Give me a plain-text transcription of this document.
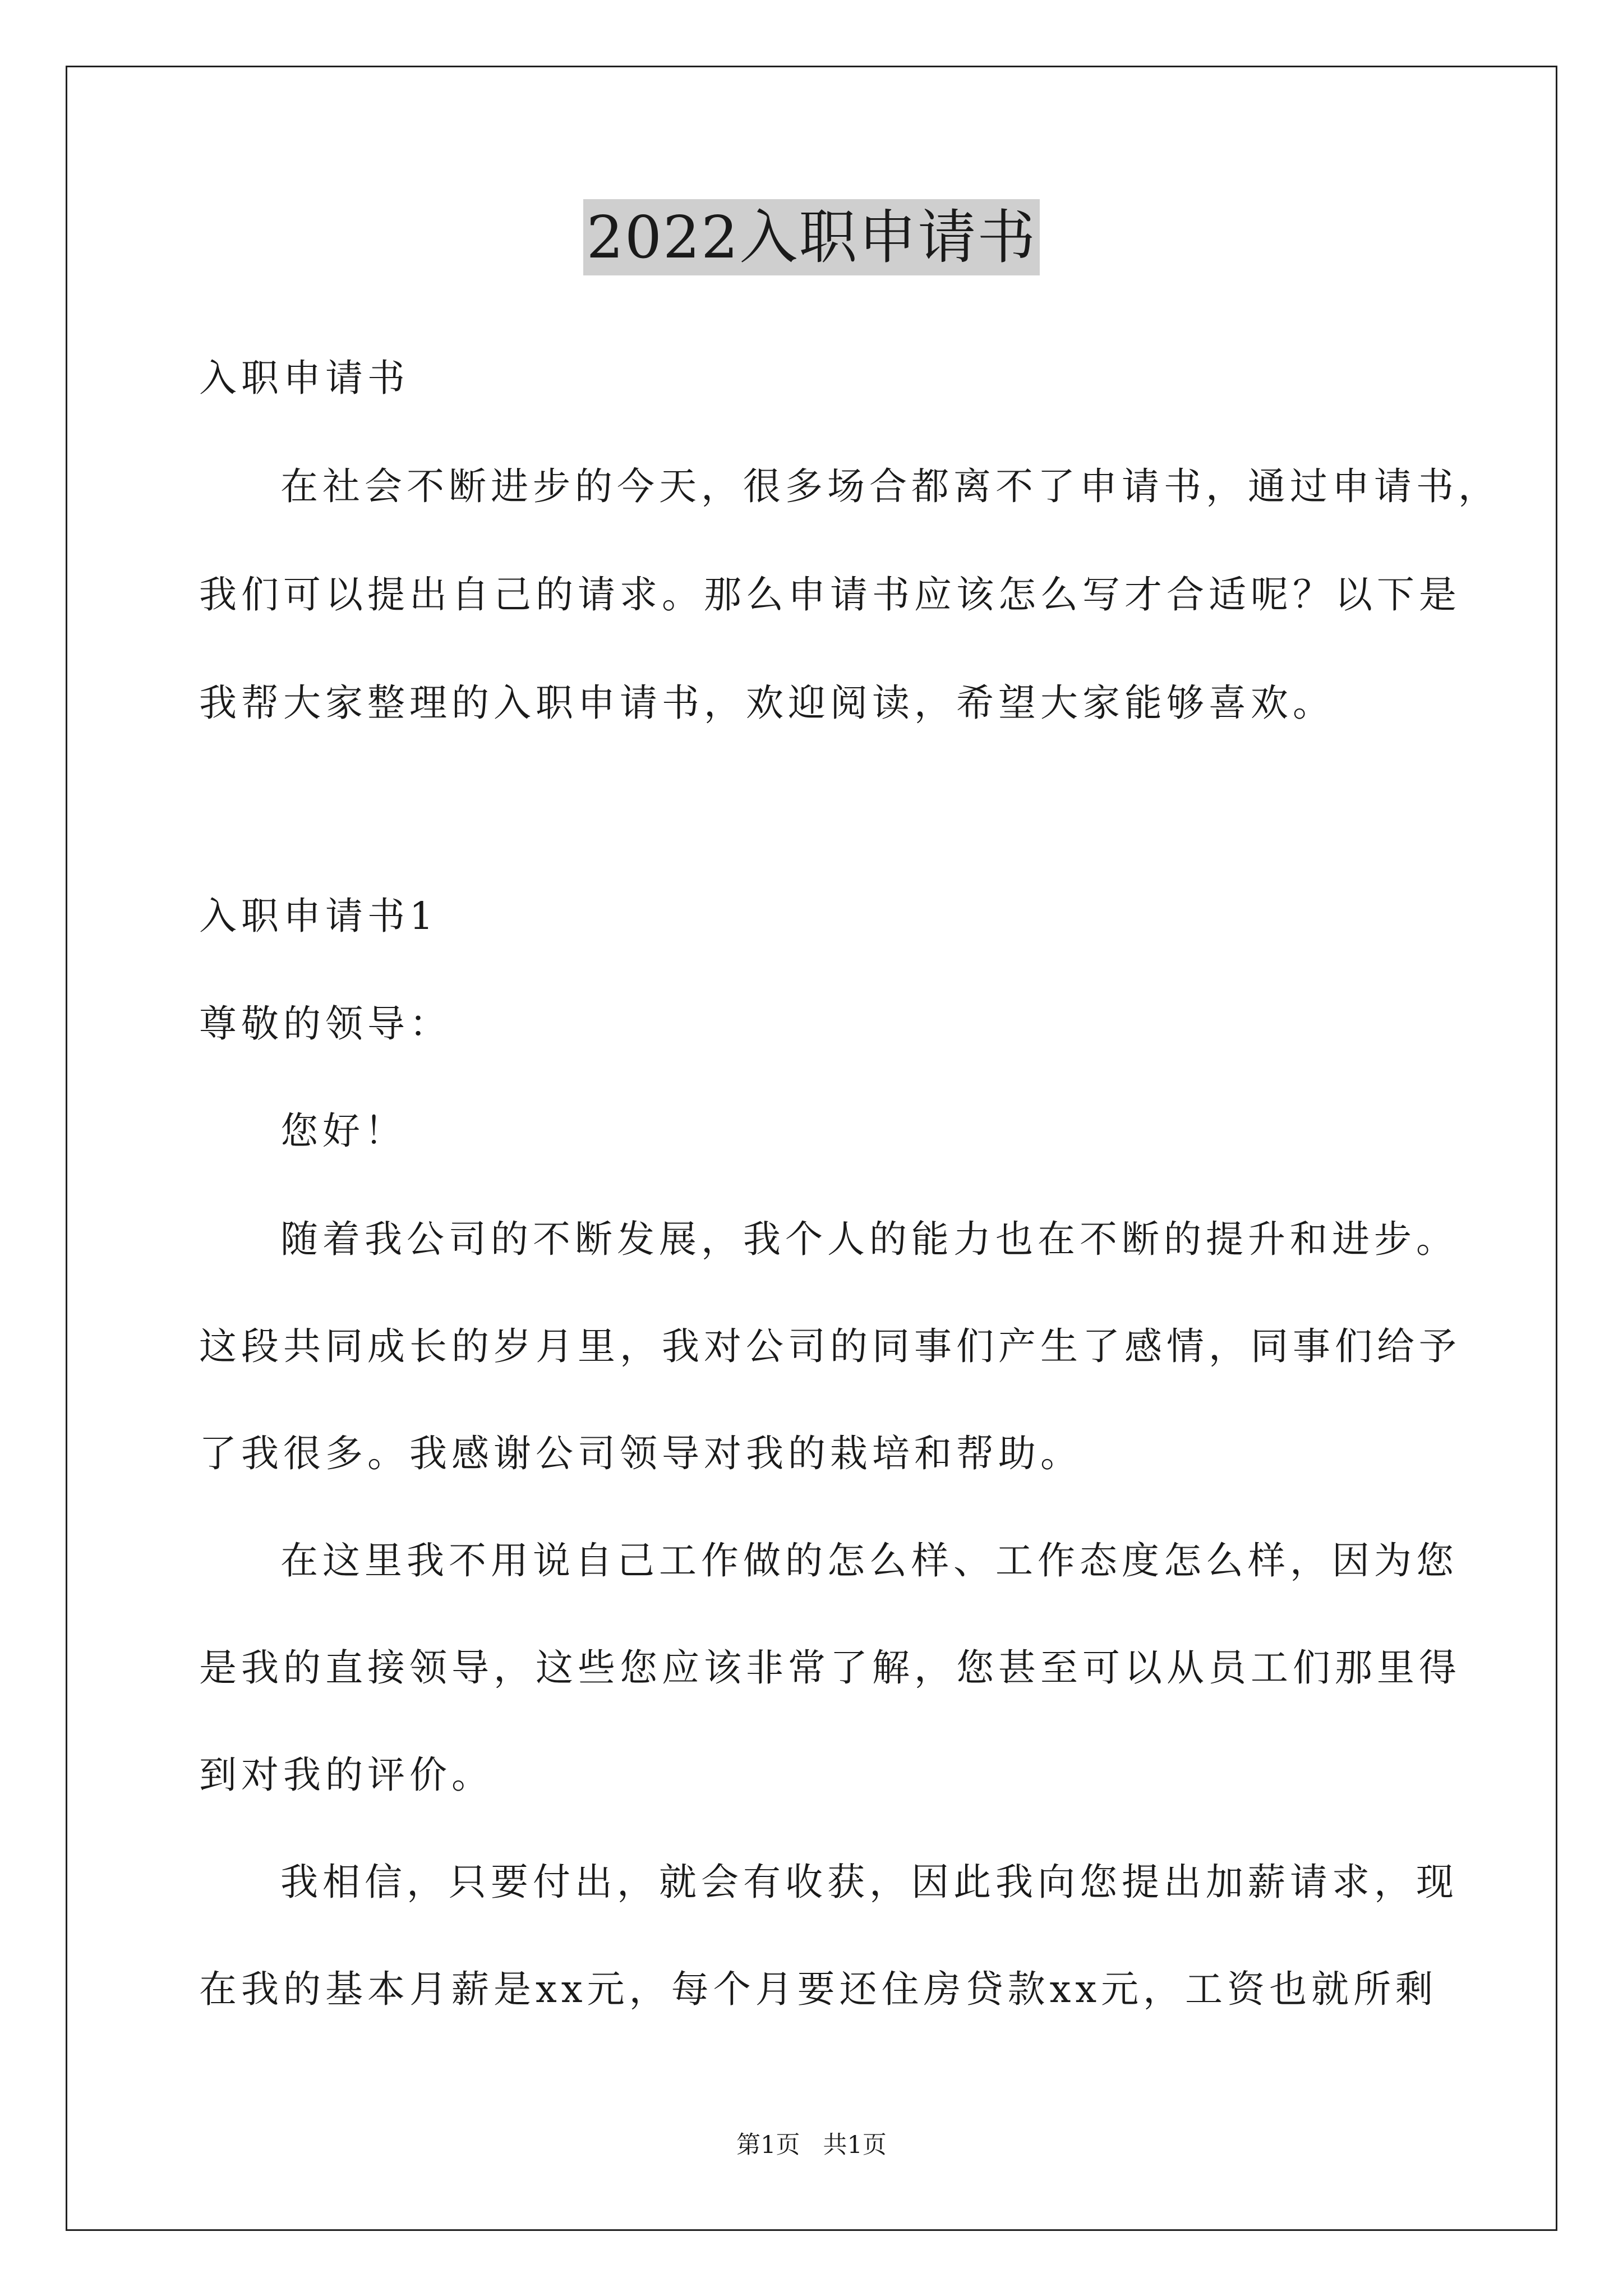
2022入职申请书
入职申请书
在社会不断进步的今天，很多场合都离不了申请书，通过申请书，
我们可以提出自己的请求。那么申请书应该怎么写才合适呢？以下是
我帮大家整理的入职申请书，欢迎阅读，希望大家能够喜欢。
入职申请书1
尊敬的领导：
您好！
随着我公司的不断发展，我个人的能力也在不断的提升和进步。
这段共同成长的岁月里，我对公司的同事们产生了感情，同事们给予
了我很多。我感谢公司领导对我的栽培和帮助。
在这里我不用说自己工作做的怎么样、工作态度怎么样，因为您
是我的直接领导，这些您应该非常了解，您甚至可以从员工们那里得
到对我的评价。
我相信，只要付出，就会有收获，因此我向您提出加薪请求，现
在我的基本月薪是xx元，每个月要还住房贷款xx元，工资也就所剩
第1页   共1页
